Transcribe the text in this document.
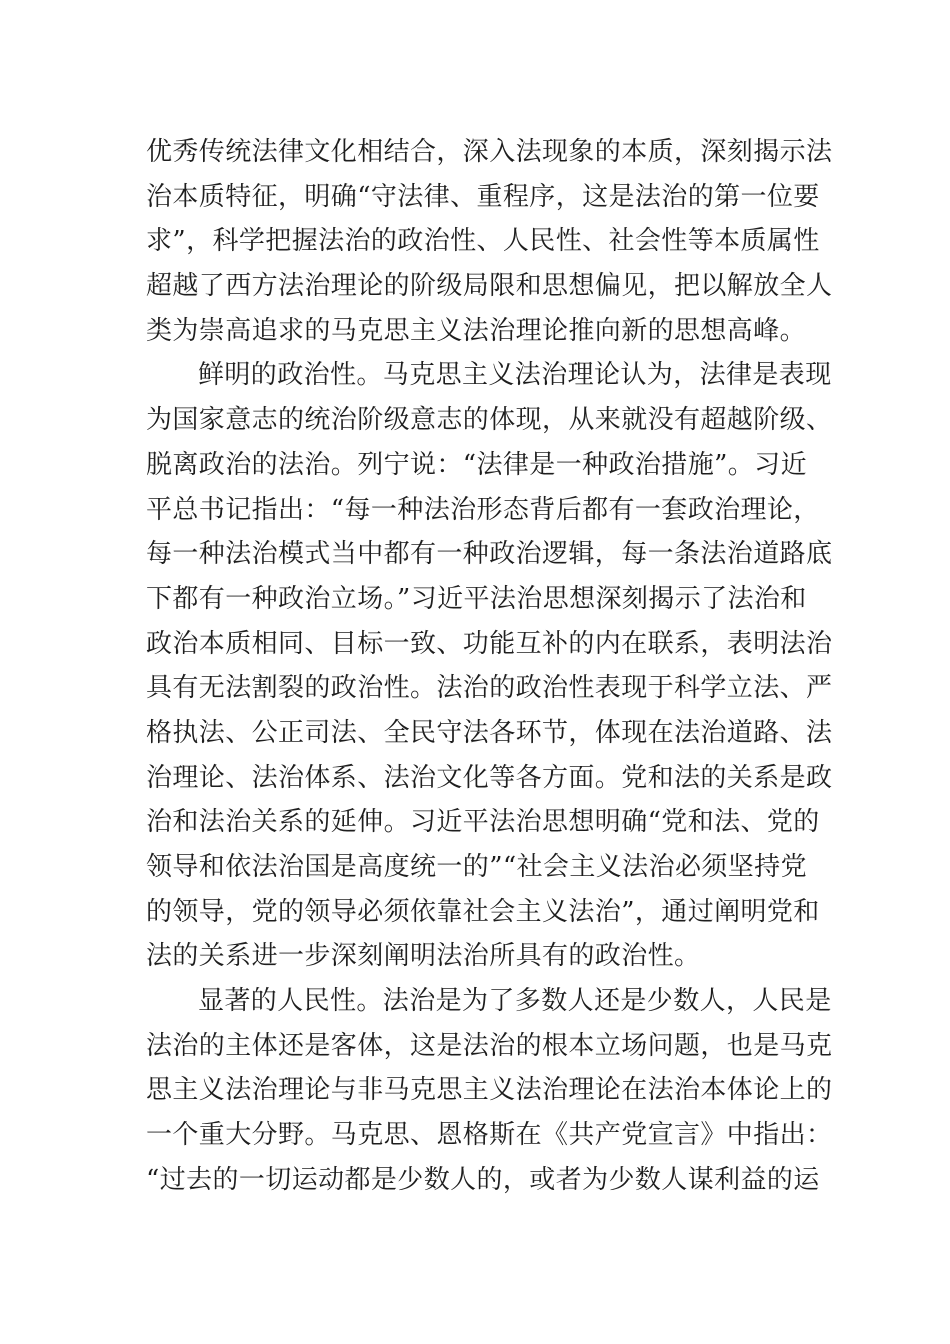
优秀传统法律文化相结合，深入法现象的本质，深刻揭示法
治本质特征，明确“守法律、重程序，这是法治的第一位要
求”，科学把握法治的政治性、人民性、社会性等本质属性
超越了西方法治理论的阶级局限和思想偏见，把以解放全人
类为崇高追求的马克思主义法治理论推向新的思想高峰。
鲜明的政治性。马克思主义法治理论认为，法律是表现
为国家意志的统治阶级意志的体现，从来就没有超越阶级、
脱离政治的法治。列宁说：“法律是一种政治措施”。习近
平总书记指出：“每一种法治形态背后都有一套政治理论，
每一种法治模式当中都有一种政治逻辑，每一条法治道路底
下都有一种政治立场。”习近平法治思想深刻揭示了法治和
政治本质相同、目标一致、功能互补的内在联系，表明法治
具有无法割裂的政治性。法治的政治性表现于科学立法、严
格执法、公正司法、全民守法各环节，体现在法治道路、法
治理论、法治体系、法治文化等各方面。党和法的关系是政
治和法治关系的延伸。习近平法治思想明确“党和法、党的
领导和依法治国是高度统一的”“社会主义法治必须坚持党
的领导，党的领导必须依靠社会主义法治”，通过阐明党和
法的关系进一步深刻阐明法治所具有的政治性。
显著的人民性。法治是为了多数人还是少数人，人民是
法治的主体还是客体，这是法治的根本立场问题，也是马克
思主义法治理论与非马克思主义法治理论在法治本体论上的
一个重大分野。马克思、恩格斯在《共产党宣言》中指出：
“过去的一切运动都是少数人的，或者为少数人谋利益的运
